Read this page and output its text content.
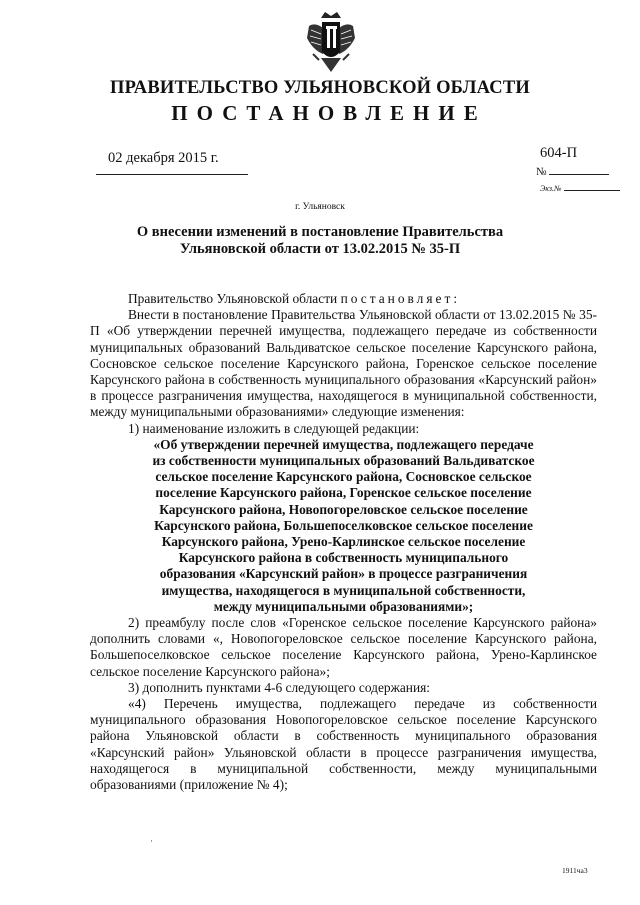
ПРАВИТЕЛЬСТВО УЛЬЯНОВСКОЙ ОБЛАСТИ
ПОСТАНОВЛЕНИЕ
02 декабря 2015 г.	604-П
№
Экз.№
г. Ульяновск
О внесении изменений в постановление Правительства
Ульяновской области от 13.02.2015 № 35-П

Правительство Ульяновской области постановляет:

Внести в постановление Правительства Ульяновской области от 13.02.2015 № 35-П «Об утверждении перечней имущества, подлежащего передаче из собственности муниципальных образований Вальдиватское сельское поселение Карсунского района, Сосновское сельское поселение Карсунского района, Горенское сельское поселение Карсунского района в собственность муниципального образования «Карсунский район» в процессе разграничения имущества, находящегося в муниципальной собственности, между муниципальными образованиями» следующие изменения:

1) наименование изложить в следующей редакции:

«Об утверждении перечней имущества, подлежащего передаче
из собственности муниципальных образований Вальдиватское
сельское поселение Карсунского района, Сосновское сельское
поселение Карсунского района, Горенское сельское поселение
Карсунского района, Новопогореловское сельское поселение
Карсунского района, Большепоселковское сельское поселение
Карсунского района, Урено-Карлинское сельское поселение
Карсунского района в собственность муниципального
образования «Карсунский район» в процессе разграничения
имущества, находящегося в муниципальной собственности,
между муниципальными образованиями»;

2) преамбулу после слов «Горенское сельское поселение Карсунского района» дополнить словами «, Новопогореловское сельское поселение Карсунского района, Большепоселковское сельское поселение Карсунского района, Урено-Карлинское сельское поселение Карсунского района»;

3) дополнить пунктами 4-6 следующего содержания:

«4) Перечень имущества, подлежащего передаче из собственности муниципального образования Новопогореловское сельское поселение Карсунского района Ульяновской области в собственность муниципального образования «Карсунский район» Ульяновской области в процессе разграничения имущества, находящегося в муниципальной собственности, между муниципальными образованиями (приложение № 4);

·
1911ча3
